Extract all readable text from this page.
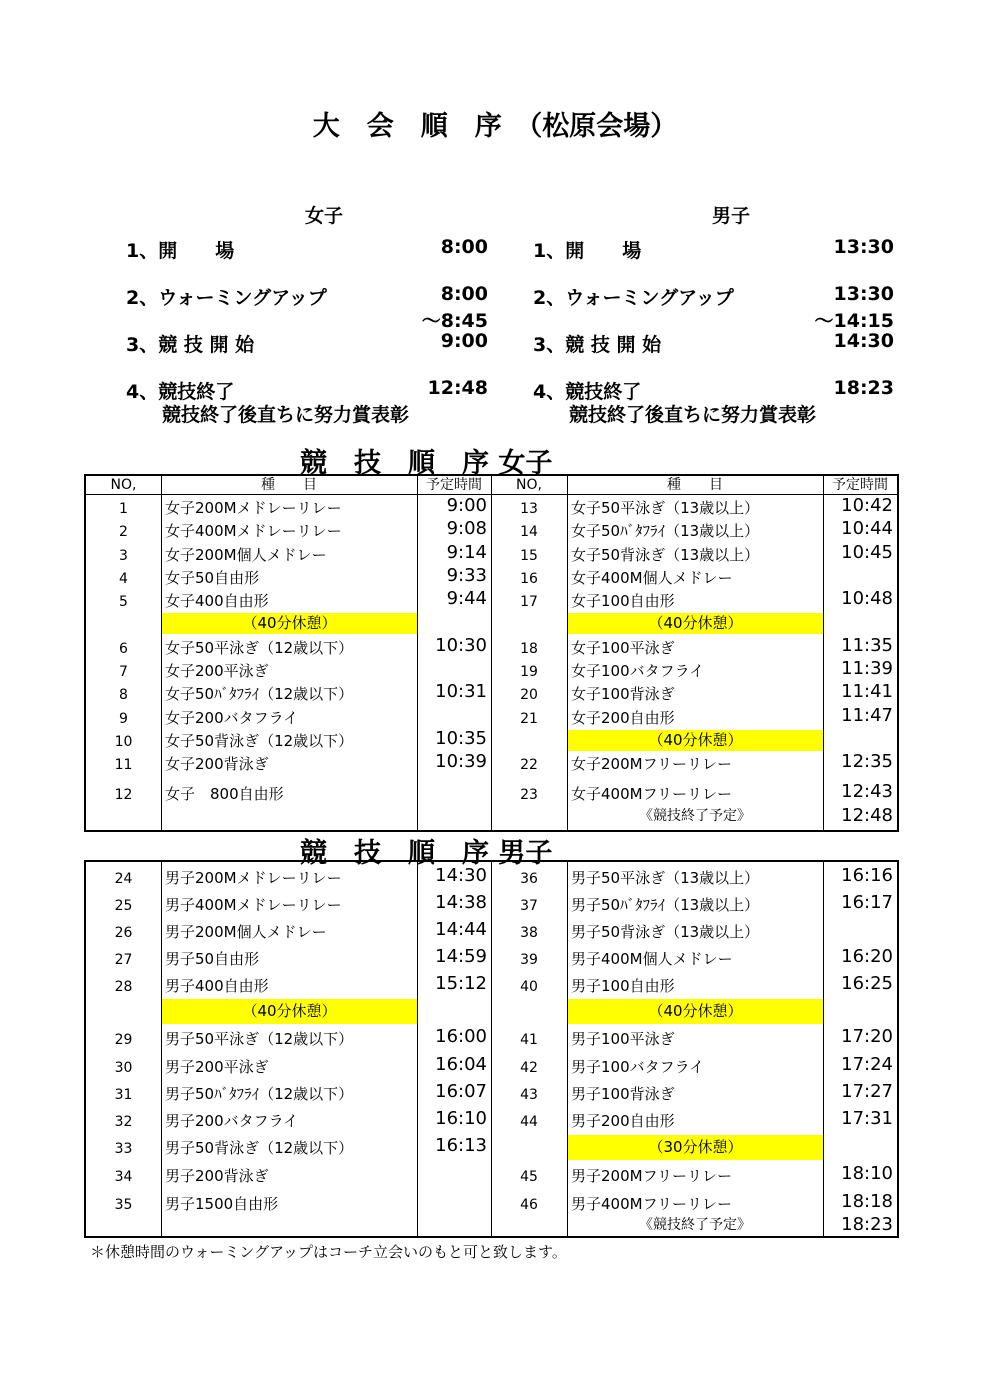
大　会　順　序　（松原会場）
女子	男子
1、開　　場	8:00
2、ウォーミングアップ	8:00
～8:45
3、競 技 開 始	9:00
4、競技終了	12:48
競技終了後直ちに努力賞表彰
1、開　　場	13:30
2、ウォーミングアップ	13:30
～14:15
3、競 技 開 始	14:30
4、競技終了	18:23
競技終了後直ちに努力賞表彰
競　技　順　序 女子
NO,	種　　目	予定時間	NO,	種　　目	予定時間
1	女子200Mメドレーリレー	9:00
2	女子400Mメドレーリレー	9:08
3	女子200M個人メドレー	9:14
4	女子50自由形	9:33
5	女子400自由形	9:44
（40分休憩）
6	女子50平泳ぎ（12歳以下）	10:30
7	女子200平泳ぎ
8	女子50ﾊﾞﾀﾌﾗｲ（12歳以下）	10:31
9	女子200バタフライ
10	女子50背泳ぎ（12歳以下）	10:35
11	女子200背泳ぎ	10:39
12	女子　800自由形
13	女子50平泳ぎ（13歳以上）	10:42
14	女子50ﾊﾞﾀﾌﾗｲ（13歳以上）	10:44
15	女子50背泳ぎ（13歳以上）	10:45
16	女子400M個人メドレー
17	女子100自由形	10:48
（40分休憩）
18	女子100平泳ぎ	11:35
19	女子100バタフライ	11:39
20	女子100背泳ぎ	11:41
21	女子200自由形	11:47
（40分休憩）
22	女子200Mフリーリレー	12:35
23	女子400Mフリーリレー	12:43
《競技終了予定》	12:48
競　技　順　序 男子
24	男子200Mメドレーリレー	14:30
25	男子400Mメドレーリレー	14:38
26	男子200M個人メドレー	14:44
27	男子50自由形	14:59
28	男子400自由形	15:12
（40分休憩）
29	男子50平泳ぎ（12歳以下）	16:00
30	男子200平泳ぎ	16:04
31	男子50ﾊﾞﾀﾌﾗｲ（12歳以下）	16:07
32	男子200バタフライ	16:10
33	男子50背泳ぎ（12歳以下）	16:13
34	男子200背泳ぎ
35	男子1500自由形
36	男子50平泳ぎ（13歳以上）	16:16
37	男子50ﾊﾞﾀﾌﾗｲ（13歳以上）	16:17
38	男子50背泳ぎ（13歳以上）
39	男子400M個人メドレー	16:20
40	男子100自由形	16:25
（40分休憩）
41	男子100平泳ぎ	17:20
42	男子100バタフライ	17:24
43	男子100背泳ぎ	17:27
44	男子200自由形	17:31
（30分休憩）
45	男子200Mフリーリレー	18:10
46	男子400Mフリーリレー	18:18
《競技終了予定》	18:23
＊休憩時間のウォーミングアップはコーチ立会いのもと可と致します。
